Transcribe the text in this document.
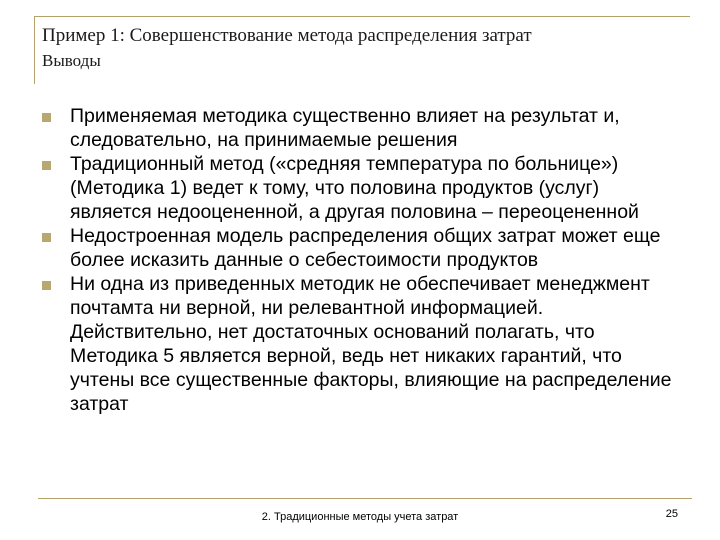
Пример 1: Совершенствование метода распределения затрат
Выводы
Применяемая методика существенно влияет на результат и, следовательно, на принимаемые решения
Традиционный метод («средняя температура по больнице») (Методика 1) ведет к тому, что половина продуктов (услуг) является недооцененной, а другая половина – переоцененной
Недостроенная модель распределения общих затрат может еще более исказить данные о себестоимости продуктов
Ни одна из приведенных методик не обеспечивает менеджмент почтамта ни верной, ни релевантной информацией. Действительно, нет достаточных оснований полагать, что Методика 5 является верной, ведь нет никаких гарантий, что учтены все существенные факторы, влияющие на распределение затрат
2. Традиционные методы учета затрат	25
